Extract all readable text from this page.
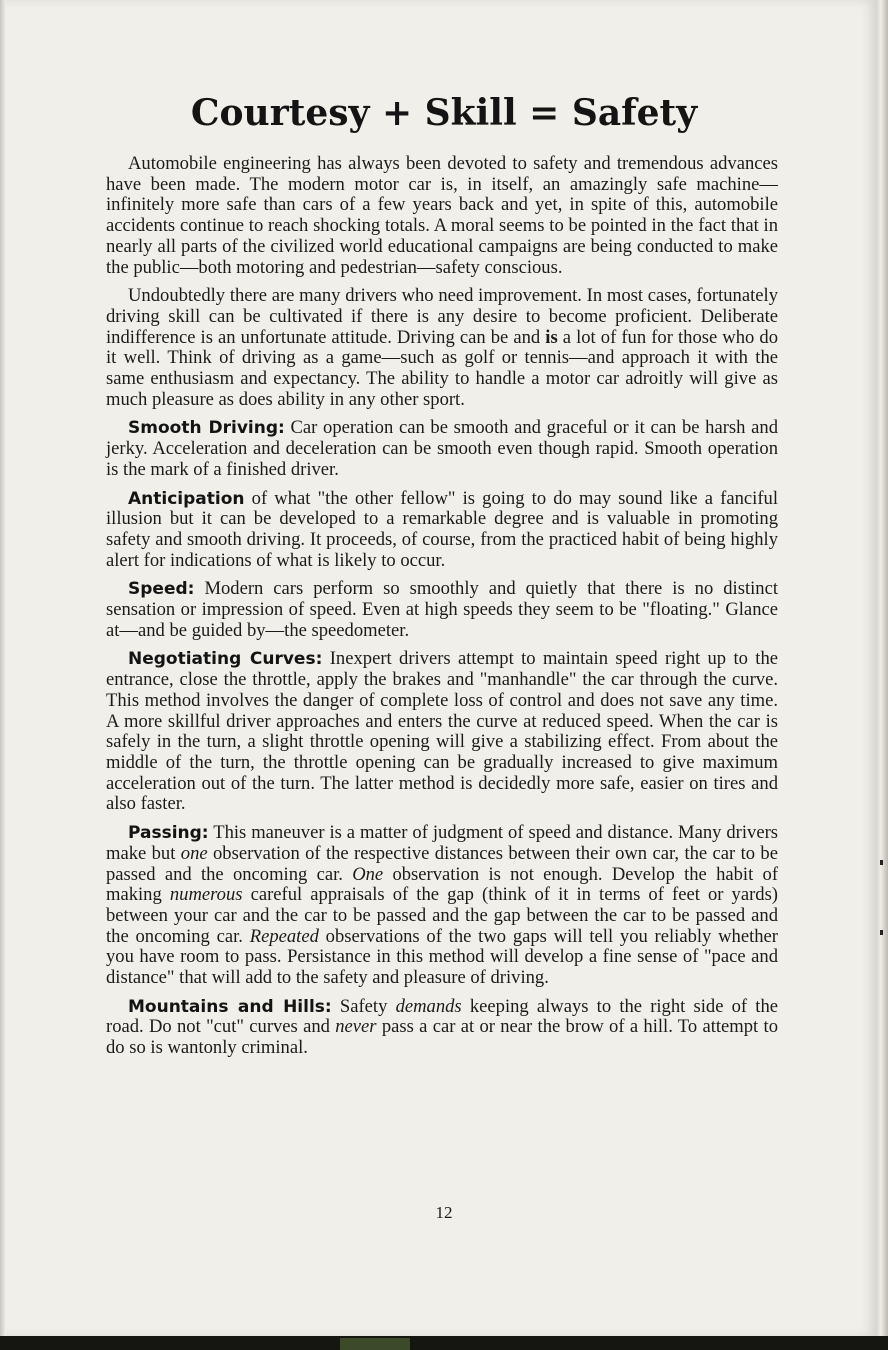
Courtesy + Skill = Safety

Automobile engineering has always been devoted to safety and tremendous advances have been made. The modern motor car is, in itself, an amazingly safe machine—infinitely more safe than cars of a few years back and yet, in spite of this, automobile accidents continue to reach shocking totals. A moral seems to be pointed in the fact that in nearly all parts of the civilized world educational campaigns are being conducted to make the public—both motoring and pedestrian—safety conscious.

Undoubtedly there are many drivers who need improvement. In most cases, fortunately driving skill can be cultivated if there is any desire to become proficient. Deliberate indifference is an unfortunate attitude. Driving can be and is a lot of fun for those who do it well. Think of driving as a game—such as golf or tennis—and approach it with the same enthusiasm and expectancy. The ability to handle a motor car adroitly will give as much pleasure as does ability in any other sport.

Smooth Driving: Car operation can be smooth and graceful or it can be harsh and jerky. Acceleration and deceleration can be smooth even though rapid. Smooth operation is the mark of a finished driver.

Anticipation of what "the other fellow" is going to do may sound like a fanciful illusion but it can be developed to a remarkable degree and is valuable in promoting safety and smooth driving. It proceeds, of course, from the practiced habit of being highly alert for indications of what is likely to occur.

Speed: Modern cars perform so smoothly and quietly that there is no distinct sensation or impression of speed. Even at high speeds they seem to be "floating." Glance at—and be guided by—the speedometer.

Negotiating Curves: Inexpert drivers attempt to maintain speed right up to the entrance, close the throttle, apply the brakes and "manhandle" the car through the curve. This method involves the danger of complete loss of control and does not save any time. A more skillful driver approaches and enters the curve at reduced speed. When the car is safely in the turn, a slight throttle opening will give a stabilizing effect. From about the middle of the turn, the throttle opening can be gradually increased to give maximum acceleration out of the turn. The latter method is decidedly more safe, easier on tires and also faster.

Passing: This maneuver is a matter of judgment of speed and distance. Many drivers make but one observation of the respective distances between their own car, the car to be passed and the oncoming car. One observation is not enough. Develop the habit of making numerous careful appraisals of the gap (think of it in terms of feet or yards) between your car and the car to be passed and the gap between the car to be passed and the oncoming car. Repeated observations of the two gaps will tell you reliably whether you have room to pass. Persistance in this method will develop a fine sense of "pace and distance" that will add to the safety and pleasure of driving.

Mountains and Hills: Safety demands keeping always to the right side of the road. Do not "cut" curves and never pass a car at or near the brow of a hill. To attempt to do so is wantonly criminal.

12
